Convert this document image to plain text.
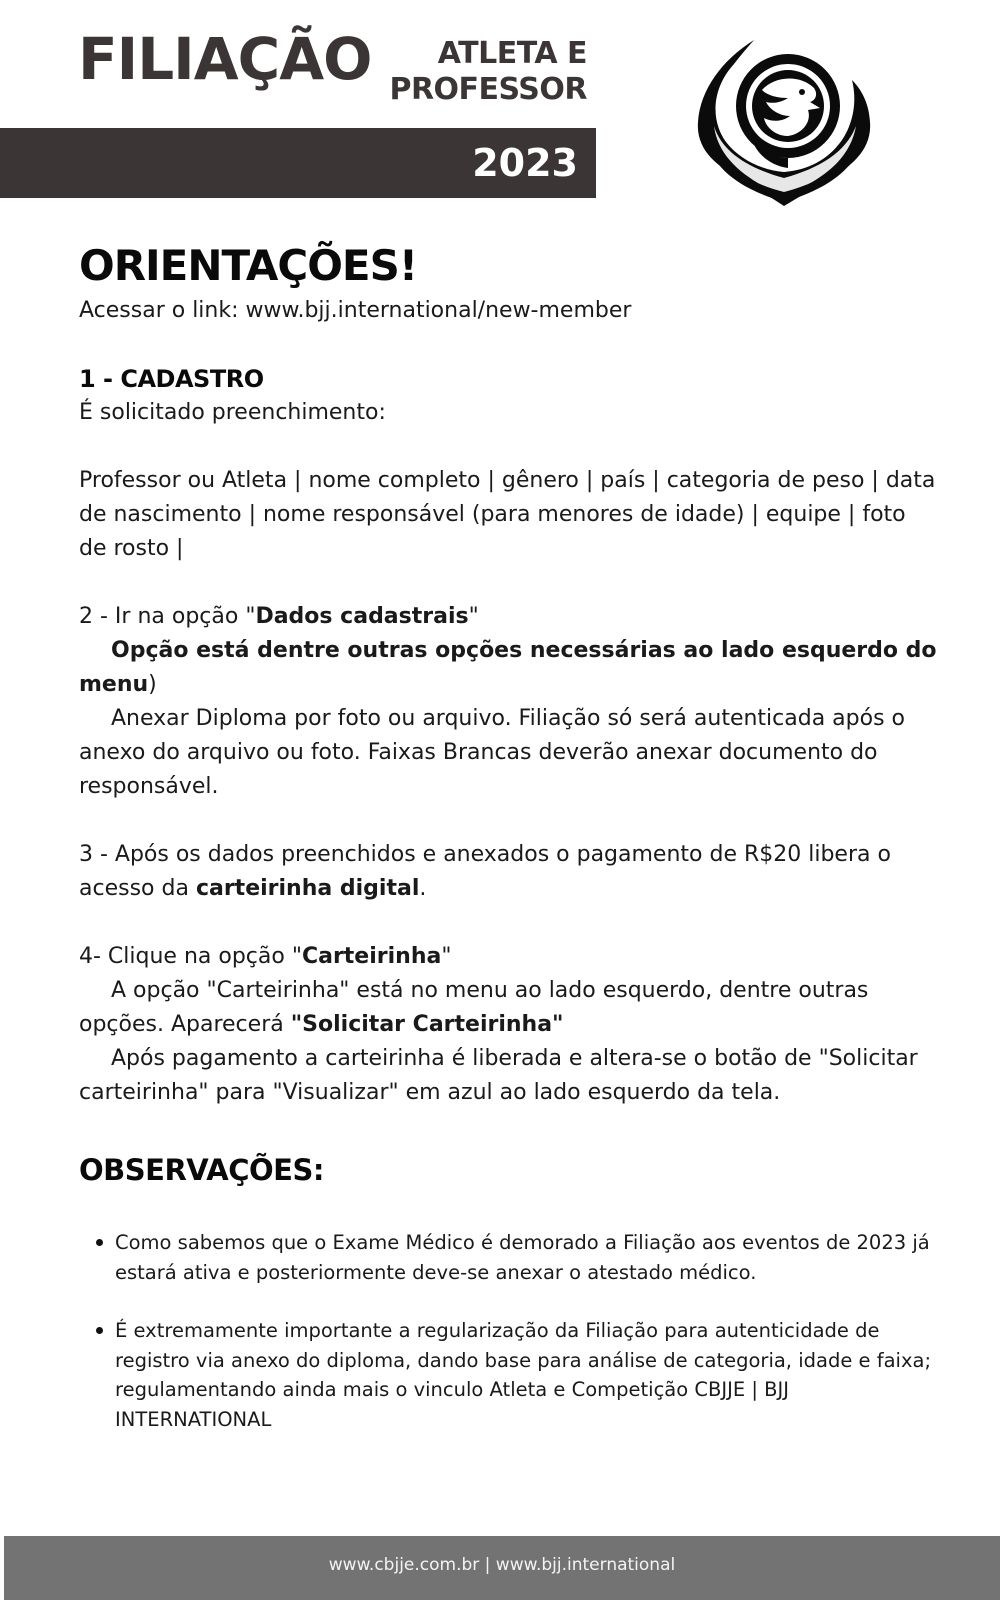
FILIAÇÃO	ATLETA E
PROFESSOR
2023
ORIENTAÇÕES!

Acessar o link: www.bjj.international/new-member

1 - CADASTRO

É solicitado preenchimento:

Professor ou Atleta | nome completo | gênero | país | categoria de peso | data de nascimento | nome responsável (para menores de idade) | equipe | foto de rosto |

2 - Ir na opção "Dados cadastrais"

Opção está dentre outras opções necessárias ao lado esquerdo do menu)

Anexar Diploma por foto ou arquivo. Filiação só será autenticada após o anexo do arquivo ou foto. Faixas Brancas deverão anexar documento do responsável.

3 - Após os dados preenchidos e anexados o pagamento de R$20 libera o acesso da carteirinha digital.

4- Clique na opção "Carteirinha"

A opção "Carteirinha" está no menu ao lado esquerdo, dentre outras opções. Aparecerá "Solicitar Carteirinha"

Após pagamento a carteirinha é liberada e altera-se o botão de "Solicitar carteirinha" para "Visualizar" em azul ao lado esquerdo da tela.

OBSERVAÇÕES:
Como sabemos que o Exame Médico é demorado a Filiação aos eventos de 2023 já estará ativa e posteriormente deve-se anexar o atestado médico.
É extremamente importante a regularização da Filiação para autenticidade de registro via anexo do diploma, dando base para análise de categoria, idade e faixa; regulamentando ainda mais o vinculo Atleta e Competição CBJJE | BJJ INTERNATIONAL
www.cbjje.com.br | www.bjj.international
